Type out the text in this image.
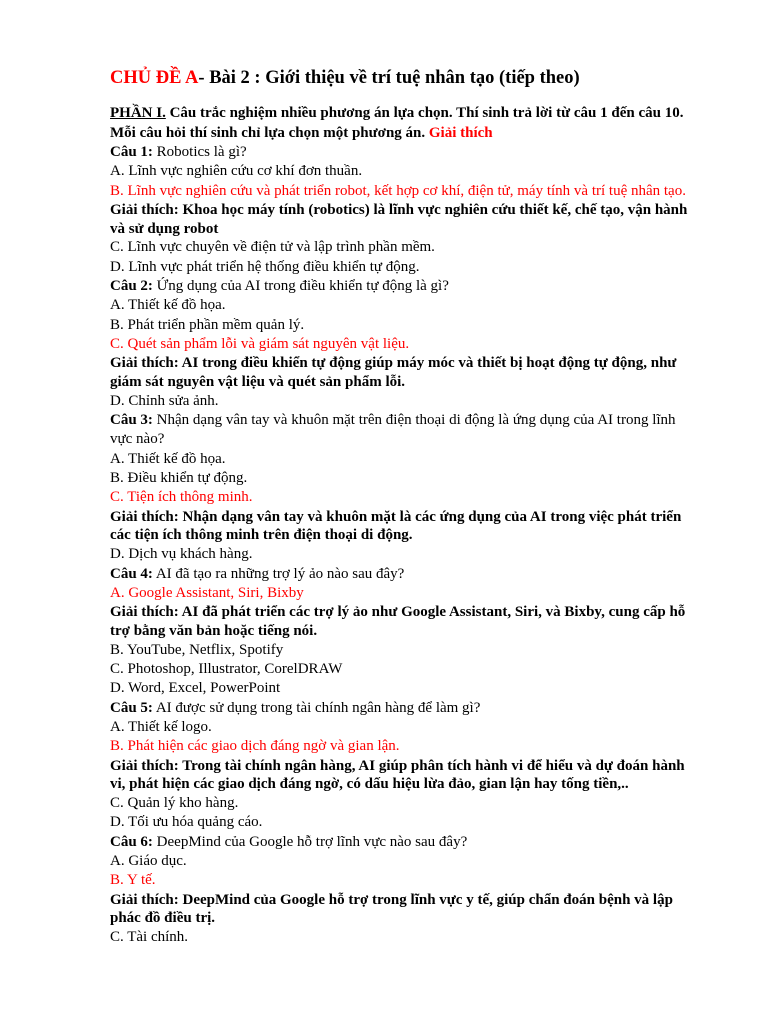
CHỦ ĐỀ A- Bài 2 : Giới thiệu về trí tuệ nhân tạo (tiếp theo)

PHẦN I. Câu trắc nghiệm nhiều phương án lựa chọn. Thí sinh trả lời từ câu 1 đến câu 10. Mỗi câu hỏi thí sinh chỉ lựa chọn một phương án. Giải thích

Câu 1: Robotics là gì?

A. Lĩnh vực nghiên cứu cơ khí đơn thuần.

B. Lĩnh vực nghiên cứu và phát triển robot, kết hợp cơ khí, điện tử, máy tính và trí tuệ nhân tạo.

Giải thích: Khoa học máy tính (robotics) là lĩnh vực nghiên cứu thiết kế, chế tạo, vận hành và sử dụng robot

C. Lĩnh vực chuyên về điện tử và lập trình phần mềm.

D. Lĩnh vực phát triển hệ thống điều khiển tự động.

Câu 2: Ứng dụng của AI trong điều khiển tự động là gì?

A. Thiết kế đồ họa.

B. Phát triển phần mềm quản lý.

C. Quét sản phẩm lỗi và giám sát nguyên vật liệu.

Giải thích: AI trong điều khiển tự động giúp máy móc và thiết bị hoạt động tự động, như giám sát nguyên vật liệu và quét sản phẩm lỗi.

D. Chỉnh sửa ảnh.

Câu 3: Nhận dạng vân tay và khuôn mặt trên điện thoại di động là ứng dụng của AI trong lĩnh vực nào?

A. Thiết kế đồ họa.

B. Điều khiển tự động.

C. Tiện ích thông minh.

Giải thích: Nhận dạng vân tay và khuôn mặt là các ứng dụng của AI trong việc phát triển các tiện ích thông minh trên điện thoại di động.

D. Dịch vụ khách hàng.

Câu 4: AI đã tạo ra những trợ lý ảo nào sau đây?

A. Google Assistant, Siri, Bixby

Giải thích: AI đã phát triển các trợ lý ảo như Google Assistant, Siri, và Bixby, cung cấp hỗ trợ bằng văn bản hoặc tiếng nói.

B. YouTube, Netflix, Spotify

C. Photoshop, Illustrator, CorelDRAW

D. Word, Excel, PowerPoint

Câu 5: AI được sử dụng trong tài chính ngân hàng để làm gì?

A. Thiết kế logo.

B. Phát hiện các giao dịch đáng ngờ và gian lận.

Giải thích: Trong tài chính ngân hàng, AI giúp phân tích hành vi để hiểu và dự đoán hành vi, phát hiện các giao dịch đáng ngờ, có dấu hiệu lừa đảo, gian lận hay tống tiền,..

C. Quản lý kho hàng.

D. Tối ưu hóa quảng cáo.

Câu 6: DeepMind của Google hỗ trợ lĩnh vực nào sau đây?

A. Giáo dục.

B. Y tế.

Giải thích: DeepMind của Google hỗ trợ trong lĩnh vực y tế, giúp chẩn đoán bệnh và lập phác đồ điều trị.

C. Tài chính.
